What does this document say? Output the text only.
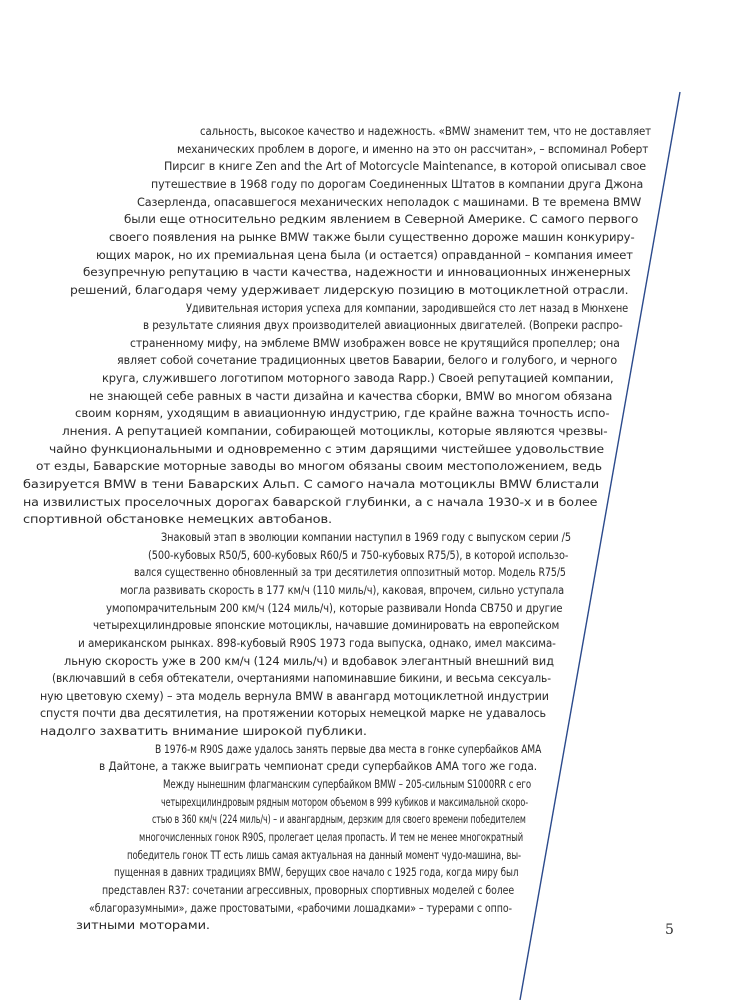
сальность, высокое качество и надежность. «BMW знаменит тем, что не доставляет
механических проблем в дороге, и именно на это он рассчитан», – вспоминал Роберт
Пирсиг в книге Zen and the Art of Motorcycle Maintenance, в которой описывал свое
путешествие в 1968 году по дорогам Соединенных Штатов в компании друга Джона
Сазерленда, опасавшегося механических неполадок с машинами. В те времена BMW
были еще относительно редким явлением в Северной Америке. С самого первого
своего появления на рынке BMW также были существенно дороже машин конкуриру-
ющих марок, но их премиальная цена была (и остается) оправданной – компания имеет
безупречную репутацию в части качества, надежности и инновационных инженерных
решений, благодаря чему удерживает лидерскую позицию в мотоциклетной отрасли.
Удивительная история успеха для компании, зародившейся сто лет назад в Мюнхене
в результате слияния двух производителей авиационных двигателей. (Вопреки распро-
страненному мифу, на эмблеме BMW изображен вовсе не крутящийся пропеллер; она
являет собой сочетание традиционных цветов Баварии, белого и голубого, и черного
круга, служившего логотипом моторного завода Rapp.) Своей репутацией компании,
не знающей себе равных в части дизайна и качества сборки, BMW во многом обязана
своим корням, уходящим в авиационную индустрию, где крайне важна точность испо-
лнения. А репутацией компании, собирающей мотоциклы, которые являются чрезвы-
чайно функциональными и одновременно с этим дарящими чистейшее удовольствие
от езды, Баварские моторные заводы во многом обязаны своим местоположением, ведь
базируется BMW в тени Баварских Альп. С самого начала мотоциклы BMW блистали
на извилистых проселочных дорогах баварской глубинки, а с начала 1930-х и в более
спортивной обстановке немецких автобанов.
Знаковый этап в эволюции компании наступил в 1969 году с выпуском серии /5
(500-кубовых R50/5, 600-кубовых R60/5 и 750-кубовых R75/5), в которой использо-
вался существенно обновленный за три десятилетия оппозитный мотор. Модель R75/5
могла развивать скорость в 177 км/ч (110 миль/ч), каковая, впрочем, сильно уступала
умопомрачительным 200 км/ч (124 миль/ч), которые развивали Honda CB750 и другие
четырехцилиндровые японские мотоциклы, начавшие доминировать на европейском
и американском рынках. 898-кубовый R90S 1973 года выпуска, однако, имел максима-
льную скорость уже в 200 км/ч (124 миль/ч) и вдобавок элегантный внешний вид
(включавший в себя обтекатели, очертаниями напоминавшие бикини, и весьма сексуаль-
ную цветовую схему) – эта модель вернула BMW в авангард мотоциклетной индустрии
спустя почти два десятилетия, на протяжении которых немецкой марке не удавалось
надолго захватить внимание широкой публики.
В 1976-м R90S даже удалось занять первые два места в гонке супербайков AMA
в Дайтоне, а также выиграть чемпионат среди супербайков AMA того же года.
Между нынешним флагманским супербайком BMW – 205-сильным S1000RR с его
четырехцилиндровым рядным мотором объемом в 999 кубиков и максимальной скоро-
стью в 360 км/ч (224 миль/ч) – и авангардным, дерзким для своего времени победителем
многочисленных гонок R90S, пролегает целая пропасть. И тем не менее многократный
победитель гонок ТТ есть лишь самая актуальная на данный момент чудо-машина, вы-
пущенная в давних традициях BMW, берущих свое начало с 1925 года, когда миру был
представлен R37: сочетании агрессивных, проворных спортивных моделей с более
«благоразумными», даже простоватыми, «рабочими лошадками» – турерами с оппо-
зитными моторами.	5
